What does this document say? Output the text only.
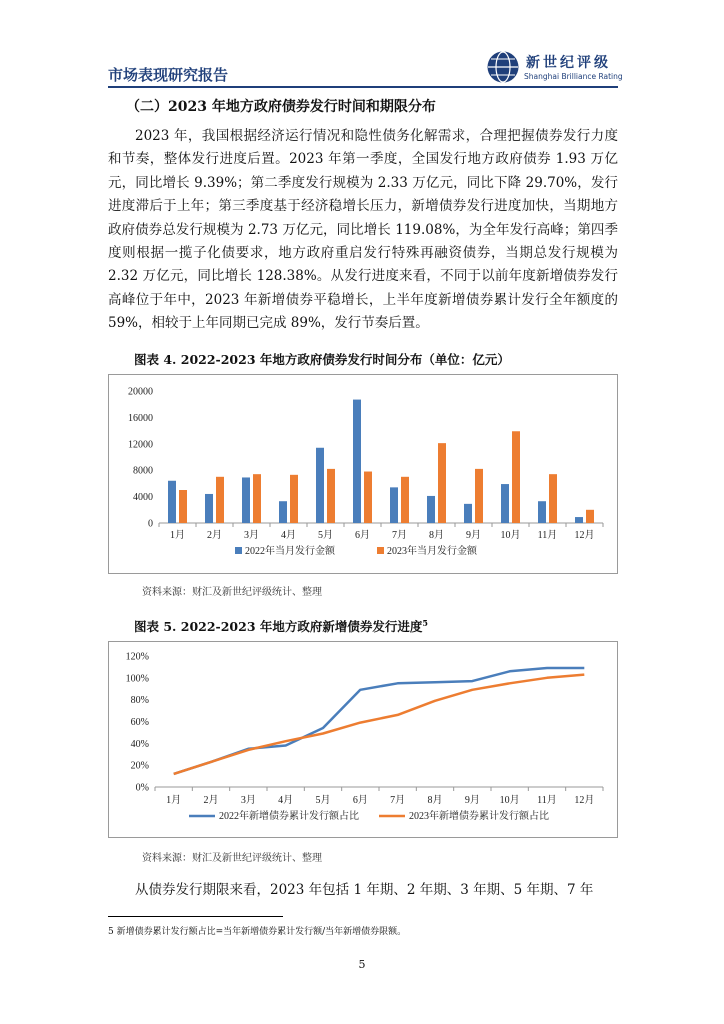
市场表现研究报告
新世纪评级
Shanghai Brilliance Rating
（二）2023 年地方政府债券发行时间和期限分布
2023 年，我国根据经济运行情况和隐性债务化解需求，合理把握债券发行力度和节奏，整体发行进度后置。2023 年第一季度，全国发行地方政府债券 1.93 万亿元，同比增长 9.39%；第二季度发行规模为 2.33 万亿元，同比下降 29.70%，发行进度滞后于上年；第三季度基于经济稳增长压力，新增债券发行进度加快，当期地方政府债券总发行规模为 2.73 万亿元，同比增长 119.08%，为全年发行高峰；第四季度则根据一揽子化债要求，地方政府重启发行特殊再融资债券，当期总发行规模为 2.32 万亿元，同比增长 128.38%。从发行进度来看，不同于以前年度新增债券发行高峰位于年中，2023 年新增债券平稳增长，上半年度新增债券累计发行全年额度的 59%，相较于上年同期已完成 89%，发行节奏后置。
图表 4. 2022-2023 年地方政府债券发行时间分布（单位：亿元）
0
4000
8000
12000
16000
20000
1月 2月 3月 4月 5月 6月 7月 8月 9月 10月 11月 12月
2022年当月发行金额	2023年当月发行金额
资料来源：财汇及新世纪评级统计、整理
图表 5. 2022-2023 年地方政府新增债券发行进度$^5$
0%
20%
40%
60%
80%
100%
120%
1月 2月 3月 4月 5月 6月 7月 8月 9月 10月 11月 12月
2022年新增债券累计发行额占比	2023年新增债券累计发行额占比
资料来源：财汇及新世纪评级统计、整理
从债券发行期限来看，2023 年包括 1 年期、2 年期、3 年期、5 年期、7 年
5 新增债券累计发行额占比=当年新增债券累计发行额/当年新增债券限额。
5
